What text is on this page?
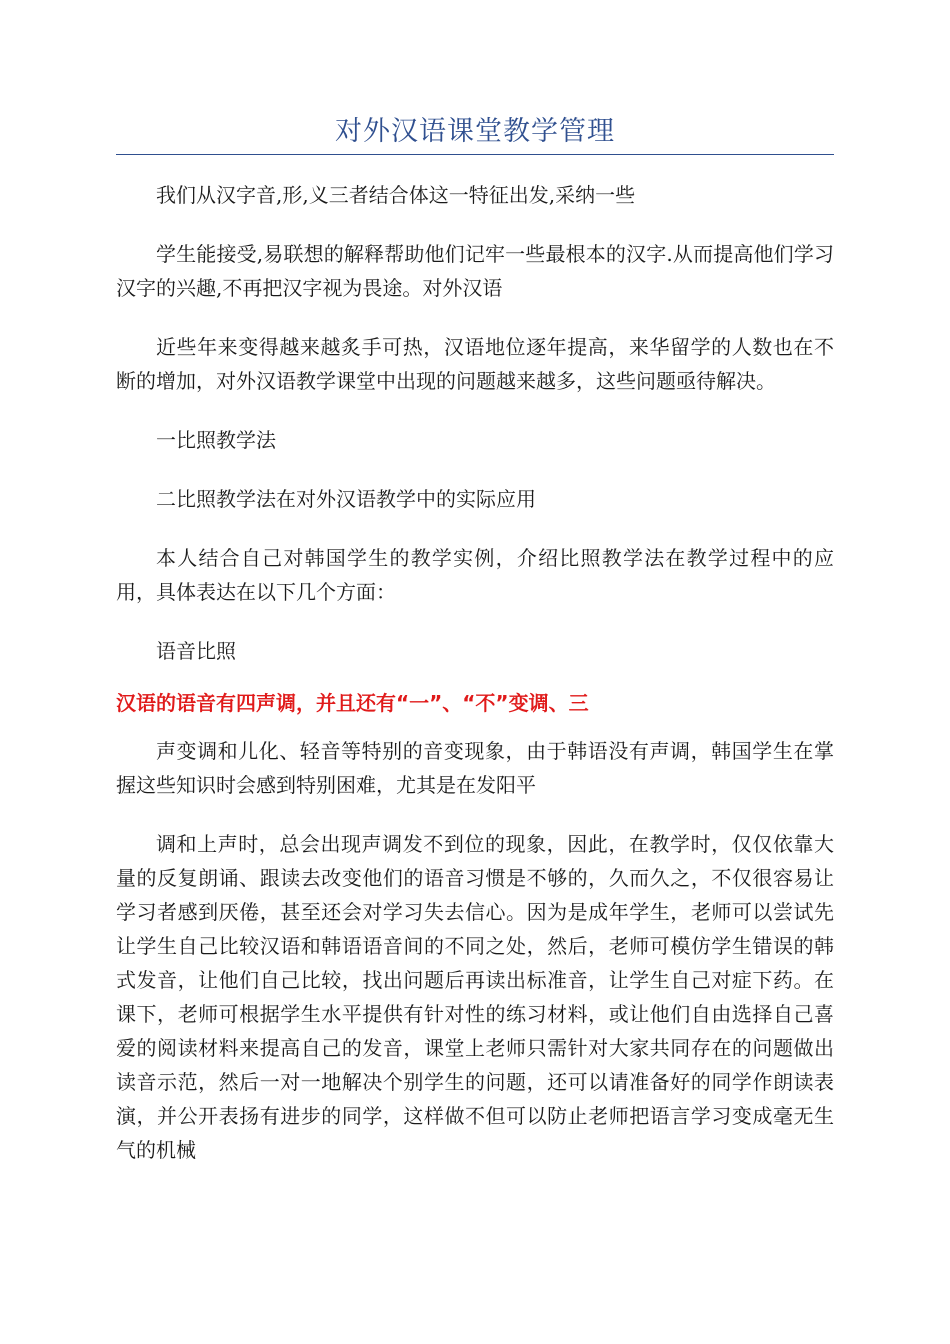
对外汉语课堂教学管理

我们从汉字音,形,义三者结合体这一特征出发,采纳一些

学生能接受,易联想的解释帮助他们记牢一些最根本的汉字.从而提高他们学习汉字的兴趣,不再把汉字视为畏途。对外汉语

近些年来变得越来越炙手可热，汉语地位逐年提高，来华留学的人数也在不断的增加，对外汉语教学课堂中出现的问题越来越多，这些问题亟待解决。

一比照教学法

二比照教学法在对外汉语教学中的实际应用

本人结合自己对韩国学生的教学实例，介绍比照教学法在教学过程中的应用，具体表达在以下几个方面：

语音比照

汉语的语音有四声调，并且还有“一”、“不”变调、三

声变调和儿化、轻音等特别的音变现象，由于韩语没有声调，韩国学生在掌握这些知识时会感到特别困难，尤其是在发阳平

调和上声时，总会出现声调发不到位的现象，因此，在教学时，仅仅依靠大量的反复朗诵、跟读去改变他们的语音习惯是不够的，久而久之，不仅很容易让学习者感到厌倦，甚至还会对学习失去信心。因为是成年学生，老师可以尝试先让学生自己比较汉语和韩语语音间的不同之处，然后，老师可模仿学生错误的韩式发音，让他们自己比较，找出问题后再读出标准音，让学生自己对症下药。在课下，老师可根据学生水平提供有针对性的练习材料，或让他们自由选择自己喜爱的阅读材料来提高自己的发音，课堂上老师只需针对大家共同存在的问题做出读音示范，然后一对一地解决个别学生的问题，还可以请准备好的同学作朗读表演，并公开表扬有进步的同学，这样做不但可以防止老师把语言学习变成毫无生气的机械
